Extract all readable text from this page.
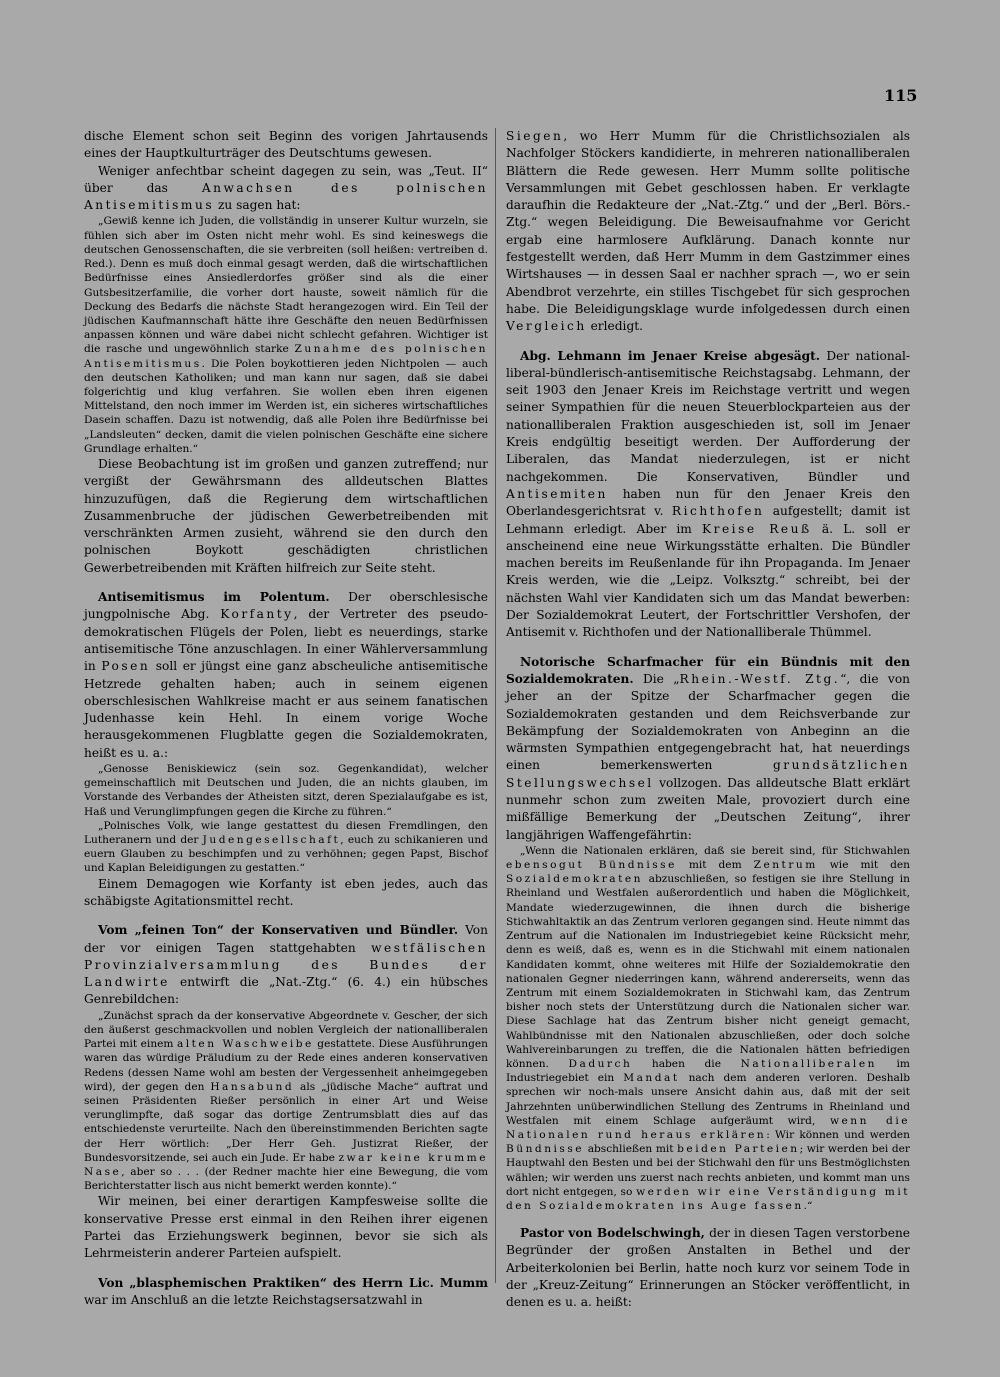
115

dische Element schon seit Beginn des vorigen Jahrtausends eines der Hauptkulturträger des Deutschtums gewesen.

Weniger anfechtbar scheint dagegen zu sein, was „Teut. II“ über das Anwachsen des polnischen Antisemitismus zu sagen hat:

„Gewiß kenne ich Juden, die vollständig in unserer Kultur wurzeln, sie fühlen sich aber im Osten nicht mehr wohl. Es sind keineswegs die deutschen Genossenschaften, die sie verbreiten (soll heißen: vertreiben d. Red.). Denn es muß doch einmal gesagt werden, daß die wirtschaftlichen Bedürfnisse eines Ansiedlerdorfes größer sind als die einer Gutsbesitzerfamilie, die vorher dort hauste, soweit nämlich für die Deckung des Bedarfs die nächste Stadt herangezogen wird. Ein Teil der jüdischen Kaufmannschaft hätte ihre Geschäfte den neuen Bedürfnissen anpassen können und wäre dabei nicht schlecht gefahren. Wichtiger ist die rasche und ungewöhnlich starke Zunahme des polnischen Antisemitismus. Die Polen boykottieren jeden Nichtpolen — auch den deutschen Katholiken; und man kann nur sagen, daß sie dabei folgerichtig und klug verfahren. Sie wollen eben ihren eigenen Mittelstand, den noch immer im Werden ist, ein sicheres wirtschaftliches Dasein schaffen. Dazu ist notwendig, daß alle Polen ihre Bedürfnisse bei „Landsleuten“ decken, damit die vielen polnischen Geschäfte eine sichere Grundlage erhalten.“

Diese Beobachtung ist im großen und ganzen zutreffend; nur vergißt der Gewährsmann des alldeutschen Blattes hinzuzufügen, daß die Regierung dem wirtschaftlichen Zusammenbruche der jüdischen Gewerbetreibenden mit verschränkten Armen zusieht, während sie den durch den polnischen Boykott geschädigten christlichen Gewerbetreibenden mit Kräften hilfreich zur Seite steht.

Antisemitismus im Polentum. Der oberschlesische jungpolnische Abg. Korfanty, der Vertreter des pseudo-demokratischen Flügels der Polen, liebt es neuerdings, starke antisemitische Töne anzuschlagen. In einer Wählerversammlung in Posen soll er jüngst eine ganz abscheuliche antisemitische Hetzrede gehalten haben; auch in seinem eigenen oberschlesischen Wahlkreise macht er aus seinem fanatischen Judenhasse kein Hehl. In einem vorige Woche herausgekommenen Flugblatte gegen die Sozialdemokraten, heißt es u. a.:

„Genosse Beniskiewicz (sein soz. Gegenkandidat), welcher gemeinschaftlich mit Deutschen und Juden, die an nichts glauben, im Vorstande des Verbandes der Atheisten sitzt, deren Spezialaufgabe es ist, Haß und Verunglimpfungen gegen die Kirche zu führen.“

„Polnisches Volk, wie lange gestattest du diesen Fremdlingen, den Lutheranern und der Judengesellschaft, euch zu schikanieren und euern Glauben zu beschimpfen und zu verhöhnen; gegen Papst, Bischof und Kaplan Beleidigungen zu gestatten.“

Einem Demagogen wie Korfanty ist eben jedes, auch das schäbigste Agitationsmittel recht.

Vom „feinen Ton“ der Konservativen und Bündler. Von der vor einigen Tagen stattgehabten westfälischen Provinzialversammlung des Bundes der Landwirte entwirft die „Nat.-Ztg.“ (6. 4.) ein hübsches Genrebildchen:

„Zunächst sprach da der konservative Abgeordnete v. Gescher, der sich den äußerst geschmackvollen und noblen Vergleich der nationalliberalen Partei mit einem alten Waschweibe gestattete. Diese Ausführungen waren das würdige Präludium zu der Rede eines anderen konservativen Redens (dessen Name wohl am besten der Vergessenheit anheimgegeben wird), der gegen den Hansabund als „jüdische Mache“ auftrat und seinen Präsidenten Rießer persönlich in einer Art und Weise verunglimpfte, daß sogar das dortige Zentrumsblatt dies auf das entschiedenste verurteilte. Nach den übereinstimmenden Berichten sagte der Herr wörtlich: „Der Herr Geh. Justizrat Rießer, der Bundesvorsitzende, sei auch ein Jude. Er habe zwar keine krumme Nase, aber so . . . (der Redner machte hier eine Bewegung, die vom Berichterstatter lisch aus nicht bemerkt werden konnte).“

Wir meinen, bei einer derartigen Kampfesweise sollte die konservative Presse erst einmal in den Reihen ihrer eigenen Partei das Erziehungswerk beginnen, bevor sie sich als Lehrmeisterin anderer Parteien aufspielt.

Von „blasphemischen Praktiken“ des Herrn Lic. Mumm war im Anschluß an die letzte Reichstagsersatzwahl in

Siegen, wo Herr Mumm für die Christlichsozialen als Nachfolger Stöckers kandidierte, in mehreren nationalliberalen Blättern die Rede gewesen. Herr Mumm sollte politische Versammlungen mit Gebet geschlossen haben. Er verklagte daraufhin die Redakteure der „Nat.-Ztg.“ und der „Berl. Börs.-Ztg.“ wegen Beleidigung. Die Beweisaufnahme vor Gericht ergab eine harmlosere Aufklärung. Danach konnte nur festgestellt werden, daß Herr Mumm in dem Gastzimmer eines Wirtshauses — in dessen Saal er nachher sprach —, wo er sein Abendbrot verzehrte, ein stilles Tischgebet für sich gesprochen habe. Die Beleidigungsklage wurde infolgedessen durch einen Vergleich erledigt.

Abg. Lehmann im Jenaer Kreise abgesägt. Der national-liberal-bündlerisch-antisemitische Reichstagsabg. Lehmann, der seit 1903 den Jenaer Kreis im Reichstage vertritt und wegen seiner Sympathien für die neuen Steuerblockparteien aus der nationalliberalen Fraktion ausgeschieden ist, soll im Jenaer Kreis endgültig beseitigt werden. Der Aufforderung der Liberalen, das Mandat niederzulegen, ist er nicht nachgekommen. Die Konservativen, Bündler und Antisemiten haben nun für den Jenaer Kreis den Oberlandesgerichtsrat v. Richthofen aufgestellt; damit ist Lehmann erledigt. Aber im Kreise Reuß ä. L. soll er anscheinend eine neue Wirkungsstätte erhalten. Die Bündler machen bereits im Reußenlande für ihn Propaganda. Im Jenaer Kreis werden, wie die „Leipz. Volksztg.“ schreibt, bei der nächsten Wahl vier Kandidaten sich um das Mandat bewerben: Der Sozialdemokrat Leutert, der Fortschrittler Vershofen, der Antisemit v. Richthofen und der Nationalliberale Thümmel.

Notorische Scharfmacher für ein Bündnis mit den Sozialdemokraten. Die „Rhein.-Westf. Ztg.“, die von jeher an der Spitze der Scharfmacher gegen die Sozialdemokraten gestanden und dem Reichsverbande zur Bekämpfung der Sozialdemokraten von Anbeginn an die wärmsten Sympathien entgegengebracht hat, hat neuerdings einen bemerkenswerten grundsätzlichen Stellungswechsel vollzogen. Das alldeutsche Blatt erklärt nunmehr schon zum zweiten Male, provoziert durch eine mißfällige Bemerkung der „Deutschen Zeitung“, ihrer langjährigen Waffengefährtin:

„Wenn die Nationalen erklären, daß sie bereit sind, für Stichwahlen ebensogut Bündnisse mit dem Zentrum wie mit den Sozialdemokraten abzuschließen, so festigen sie ihre Stellung in Rheinland und Westfalen außerordentlich und haben die Möglichkeit, Mandate wiederzugewinnen, die ihnen durch die bisherige Stichwahltaktik an das Zentrum verloren gegangen sind. Heute nimmt das Zentrum auf die Nationalen im Industriegebiet keine Rücksicht mehr, denn es weiß, daß es, wenn es in die Stichwahl mit einem nationalen Kandidaten kommt, ohne weiteres mit Hilfe der Sozialdemokratie den nationalen Gegner niederringen kann, während andererseits, wenn das Zentrum mit einem Sozialdemokraten in Stichwahl kam, das Zentrum bisher noch stets der Unterstützung durch die Nationalen sicher war. Diese Sachlage hat das Zentrum bisher nicht geneigt gemacht, Wahlbündnisse mit den Nationalen abzuschließen, oder doch solche Wahlvereinbarungen zu treffen, die die Nationalen hätten befriedigen können. Dadurch haben die Nationalliberalen im Industriegebiet ein Mandat nach dem anderen verloren. Deshalb sprechen wir noch-mals unsere Ansicht dahin aus, daß mit der seit Jahrzehnten unüberwindlichen Stellung des Zentrums in Rheinland und Westfalen mit einem Schlage aufgeräumt wird, wenn die Nationalen rund heraus erklären: Wir können und werden Bündnisse abschließen mit beiden Parteien; wir werden bei der Hauptwahl den Besten und bei der Stichwahl den für uns Bestmöglichsten wählen; wir werden uns zuerst nach rechts anbieten, und kommt man uns dort nicht entgegen, so werden wir eine Verständigung mit den Sozialdemokraten ins Auge fassen.“

Pastor von Bodelschwingh, der in diesen Tagen verstorbene Begründer der großen Anstalten in Bethel und der Arbeiterkolonien bei Berlin, hatte noch kurz vor seinem Tode in der „Kreuz-Zeitung“ Erinnerungen an Stöcker veröffentlicht, in denen es u. a. heißt:
